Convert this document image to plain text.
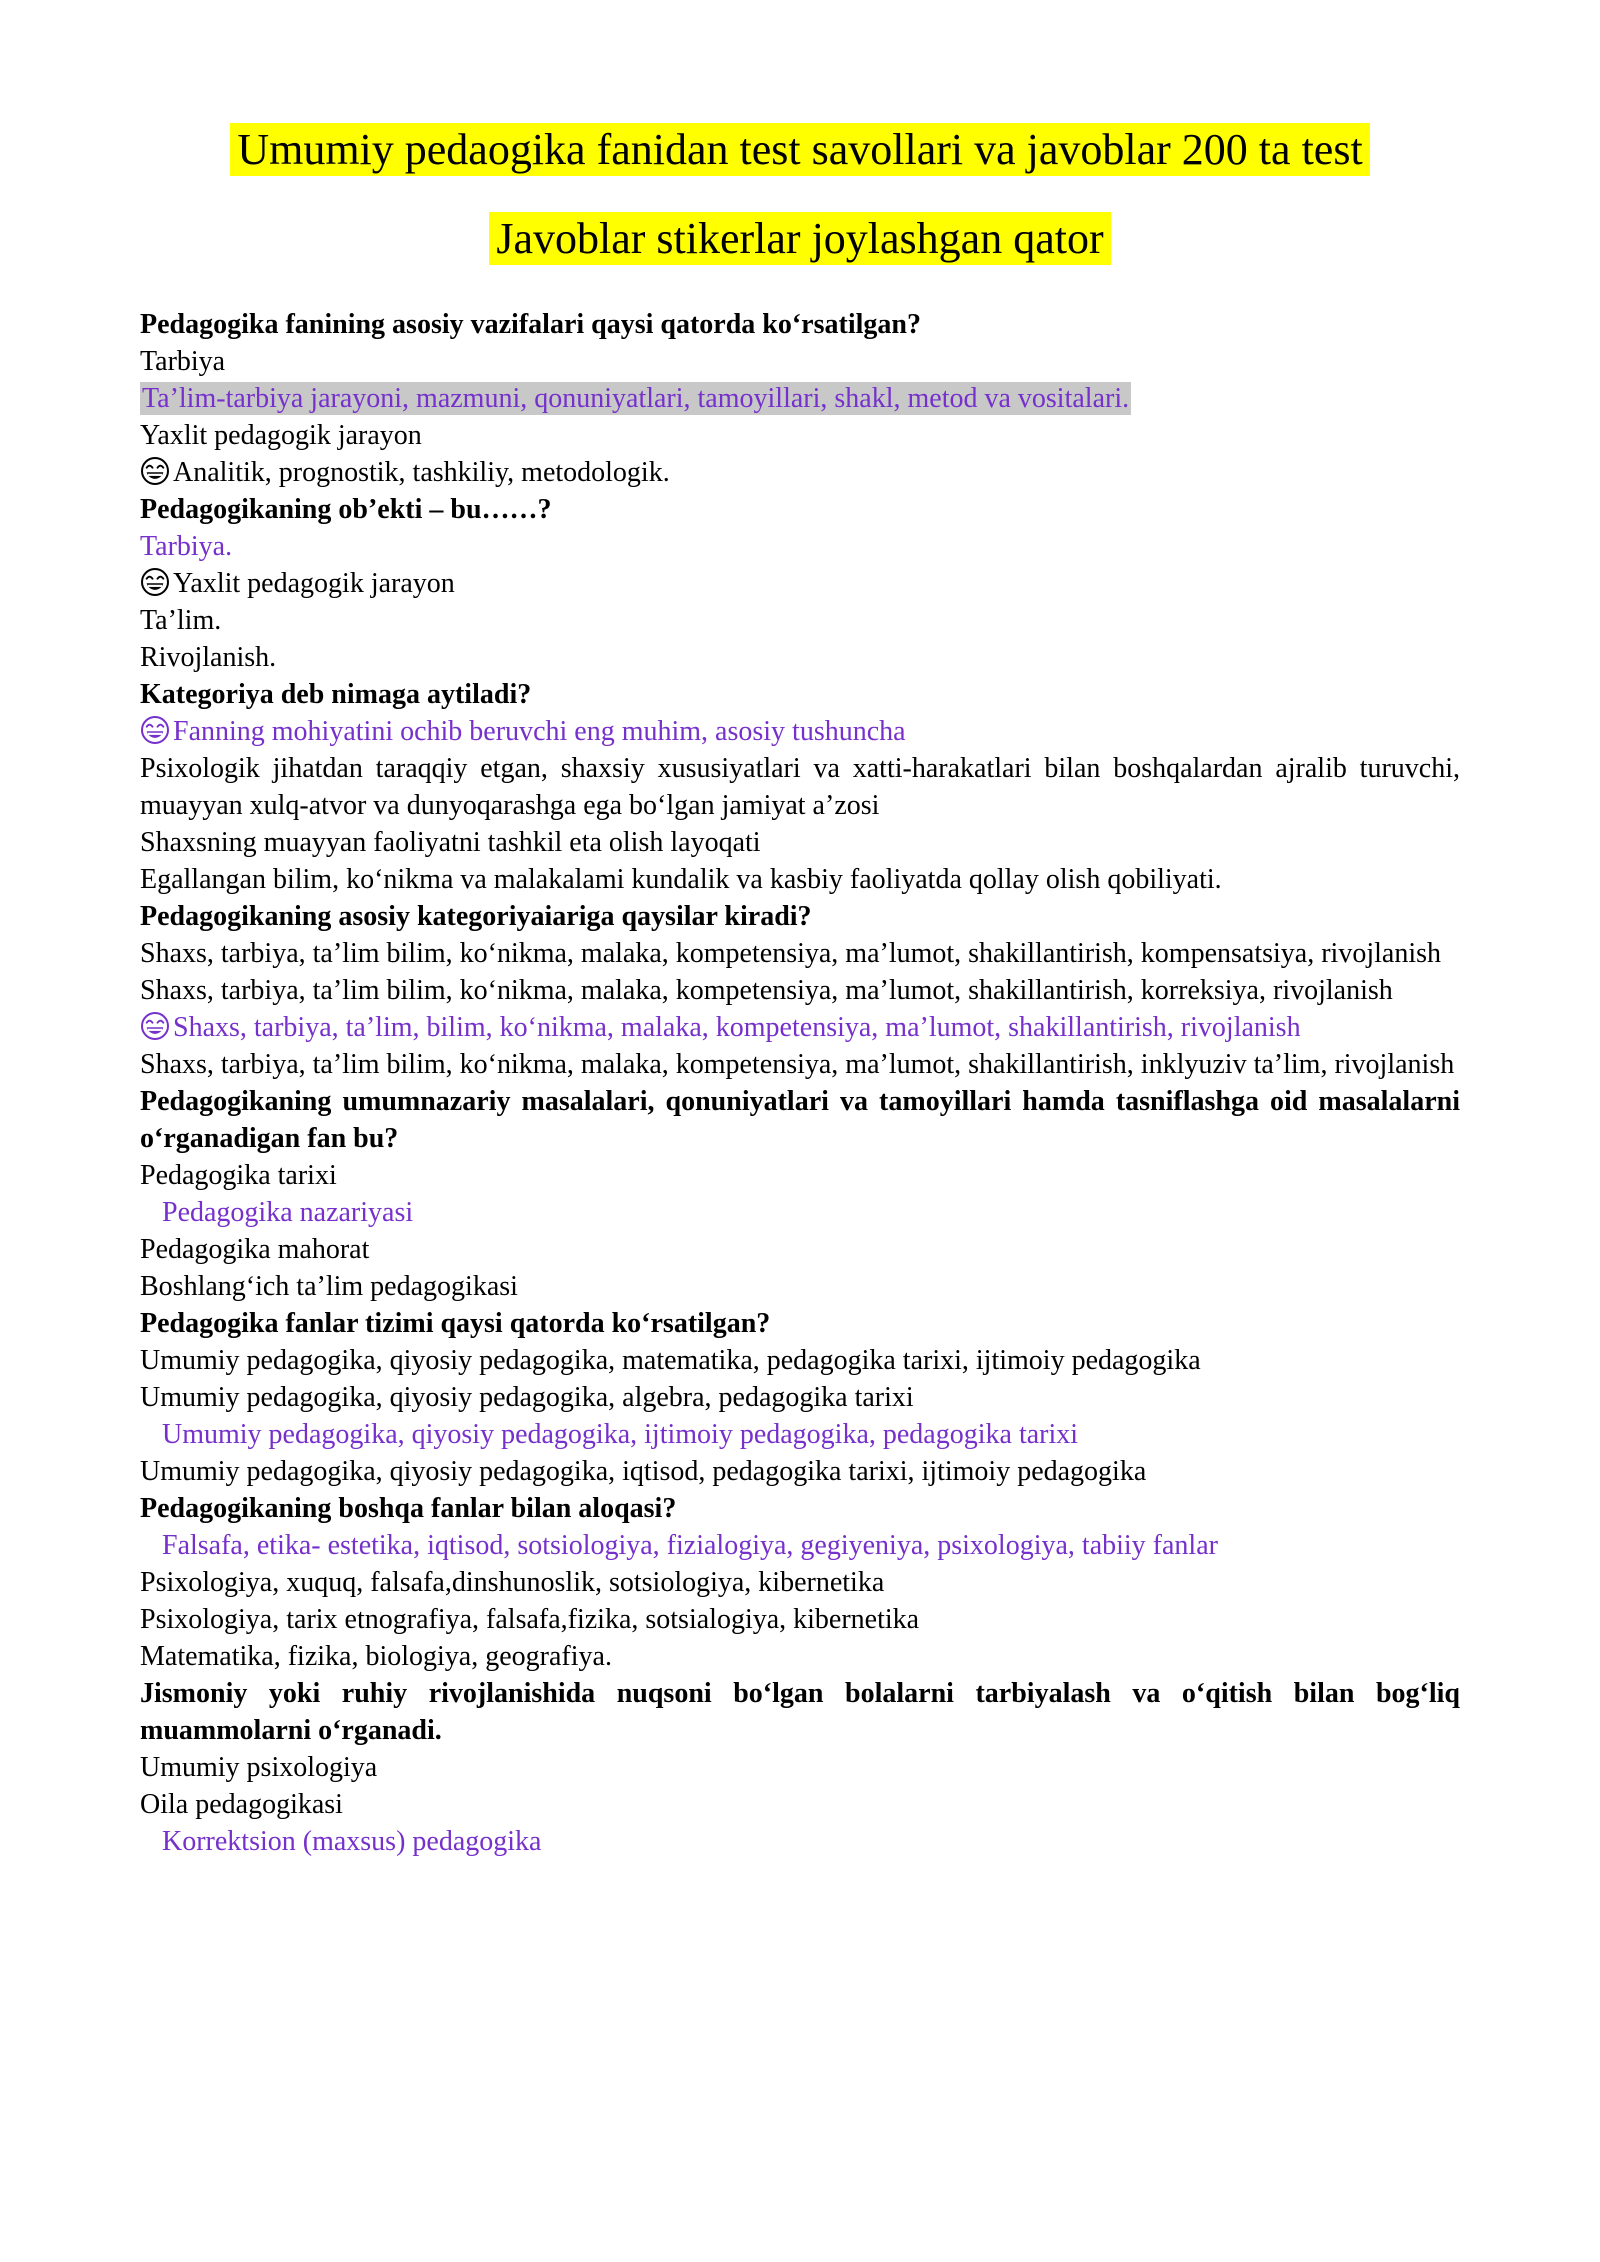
Umumiy pedaogika fanidan test savollari va javoblar 200 ta test
Javoblar stikerlar joylashgan qator

Pedagogika fanining asosiy vazifalari qaysi qatorda koʻrsatilgan?

Tarbiya

Taʼlim-tarbiya jarayoni, mazmuni, qonuniyatlari, tamoyillari, shakl, metod va vositalari.

Yaxlit pedagogik jarayon

Analitik, prognostik, tashkiliy, metodologik.

Pedagogikaning ob’ekti – bu……?

Tarbiya.

Yaxlit pedagogik jarayon

Taʼlim.

Rivojlanish.

Kategoriya deb nimaga aytiladi?

Fanning mohiyatini ochib beruvchi eng muhim, asosiy tushuncha

Psixologik jihatdan taraqqiy etgan, shaxsiy xususiyatlari va xatti-harakatlari bilan boshqalardan ajralib turuvchi, muayyan xulq-atvor va dunyoqarashga ega boʻlgan jamiyat aʼzosi

Shaxsning muayyan faoliyatni tashkil eta olish layoqati

Egallangan bilim, koʻnikma va malakalami kundalik va kasbiy faoliyatda qollay olish qobiliyati.

Pedagogikaning asosiy kategoriyaiariga qaysilar kiradi?

Shaxs, tarbiya, taʼlim bilim, koʻnikma, malaka, kompetensiya, maʼlumot, shakillantirish, kompensatsiya, rivojlanish

Shaxs, tarbiya, taʼlim bilim, koʻnikma, malaka, kompetensiya, maʼlumot, shakillantirish, korreksiya, rivojlanish

Shaxs, tarbiya, taʼlim, bilim, koʻnikma, malaka, kompetensiya, maʼlumot, shakillantirish, rivojlanish

Shaxs, tarbiya, taʼlim bilim, koʻnikma, malaka, kompetensiya, maʼlumot, shakillantirish, inklyuziv taʼlim, rivojlanish

Pedagogikaning umumnazariy masalalari, qonuniyatlari va tamoyillari hamda tasniflashga oid masalalarni oʻrganadigan fan bu?

Pedagogika tarixi

Pedagogika nazariyasi

Pedagogika mahorat

Boshlangʻich taʼlim pedagogikasi

Pedagogika fanlar tizimi qaysi qatorda koʻrsatilgan?

Umumiy pedagogika, qiyosiy pedagogika, matematika, pedagogika tarixi, ijtimoiy pedagogika

Umumiy pedagogika, qiyosiy pedagogika, algebra, pedagogika tarixi

Umumiy pedagogika, qiyosiy pedagogika, ijtimoiy pedagogika, pedagogika tarixi

Umumiy pedagogika, qiyosiy pedagogika, iqtisod, pedagogika tarixi, ijtimoiy pedagogika

Pedagogikaning boshqa fanlar bilan aloqasi?

Falsafa, etika- estetika, iqtisod, sotsiologiya, fizialogiya, gegiyeniya, psixologiya, tabiiy fanlar

Psixologiya, xuquq, falsafa,dinshunoslik, sotsiologiya, kibernetika

Psixologiya, tarix etnografiya, falsafa,fizika, sotsialogiya, kibernetika

Matematika, fizika, biologiya, geografiya.

Jismoniy yoki ruhiy rivojlanishida nuqsoni boʻlgan bolalarni tarbiyalash va oʻqitish bilan bogʻliq muammolarni oʻrganadi.

Umumiy psixologiya

Oila pedagogikasi

Korrektsion (maxsus) pedagogika
